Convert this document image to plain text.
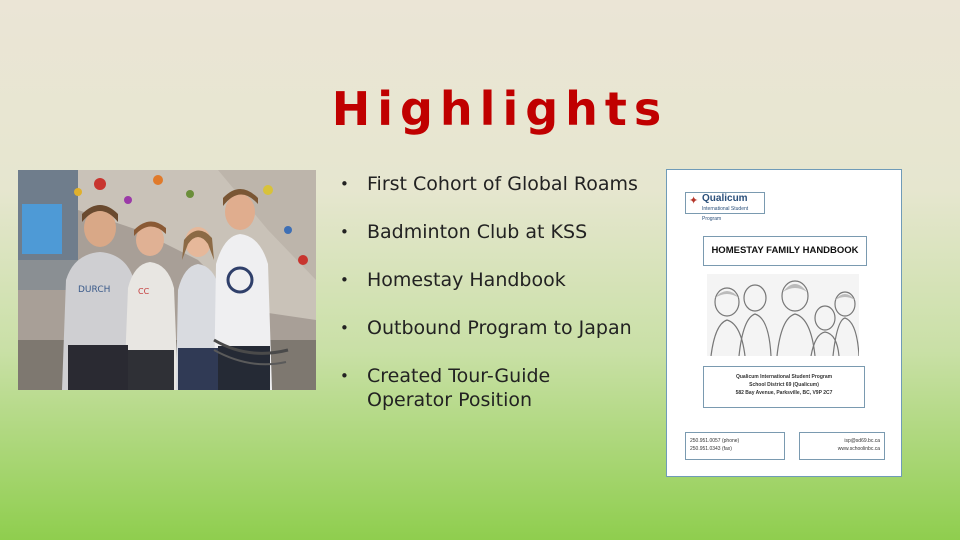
Highlights
DURCH	CC
• First Cohort of Global Roams
• Badminton Club at KSS
• Homestay Handbook
• Outbound Program to Japan
• Created Tour-Guide Operator Position
✦ Qualicum
International Student Program
HOMESTAY FAMILY HANDBOOK
Qualicum International Student Program
School District 69 (Qualicum)
582 Bay Avenue, Parksville, BC, V9P 2C7
250.951.0057 (phone)
250.951.0343 (fax)
isp@sd69.bc.ca
www.schoolinbc.ca
